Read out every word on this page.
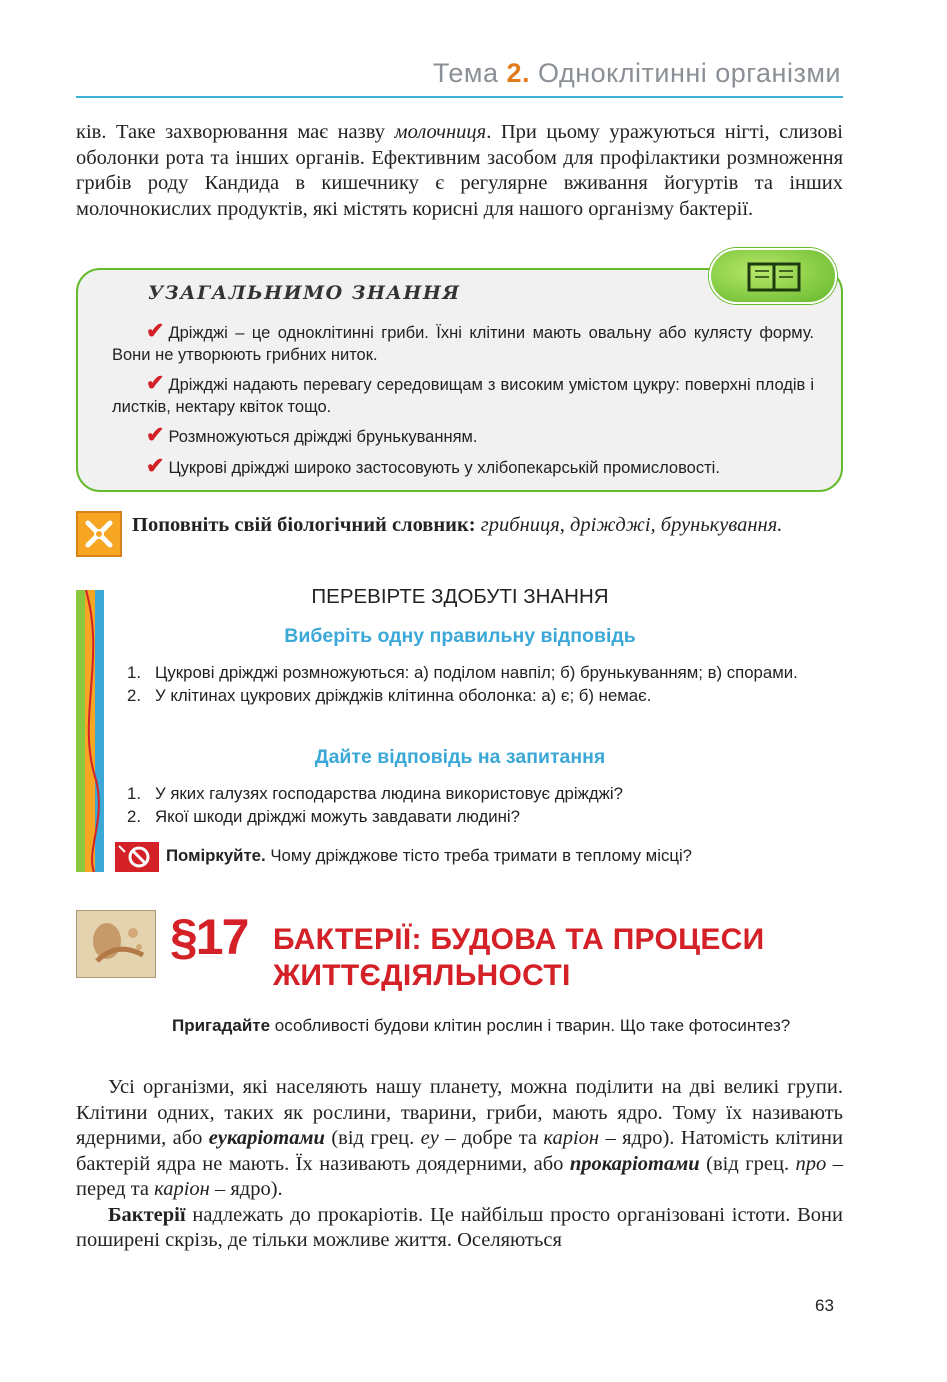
Тема 2. Одноклітинні організми

ків. Таке захворювання має назву молочниця. При цьому уражуються нігті, слизові оболонки рота та інших органів. Ефективним засобом для профілактики розмноження грибів роду Кандида в кишечнику є регулярне вживання йогуртів та інших молочнокислих продуктів, які містять корисні для нашого організму бактерії.

УЗАГАЛЬНИМО ЗНАННЯ
✔ Дріжджі – це одноклітинні гриби. Їхні клітини мають овальну або кулясту форму. Вони не утворюють грибних ниток.
✔ Дріжджі надають перевагу середовищам з високим умістом цукру: поверхні плодів і листків, нектару квіток тощо.
✔ Розмножуються дріжджі брунькуванням.
✔ Цукрові дріжджі широко застосовують у хлібопекарській промисловості.
Поповніть свій біологічний словник: грибниця, дріжджі, брунькування.
ПЕРЕВІРТЕ ЗДОБУТІ ЗНАННЯ
Виберіть одну правильну відповідь
1. Цукрові дріжджі розмножуються: а) поділом навпіл; б) брунькуванням; в) спорами.
2. У клітинах цукрових дріжджів клітинна оболонка: а) є; б) немає.
Дайте відповідь на запитання
1. У яких галузях господарства людина використовує дріжджі?
2. Якої шкоди дріжджі можуть завдавати людині?
Поміркуйте. Чому дріжджове тісто треба тримати в теплому місці?
§17 БАКТЕРІЇ: БУДОВА ТА ПРОЦЕСИ
ЖИТТЄДІЯЛЬНОСТІ
Пригадайте особливості будови клітин рослин і тварин. Що таке фотосинтез?

Усі організми, які населяють нашу планету, можна поділити на дві великі групи. Клітини одних, таких як рослини, тварини, гриби, мають ядро. Тому їх називають ядерними, або еукаріотами (від грец. еу – добре та каріон – ядро). Натомість клітини бактерій ядра не мають. Їх називають доядерними, або прокаріотами (від грец. про – перед та каріон – ядро).

Бактерії надлежать до прокаріотів. Це найбільш просто організовані істоти. Вони поширені скрізь, де тільки можливе життя. Оселяються

63
